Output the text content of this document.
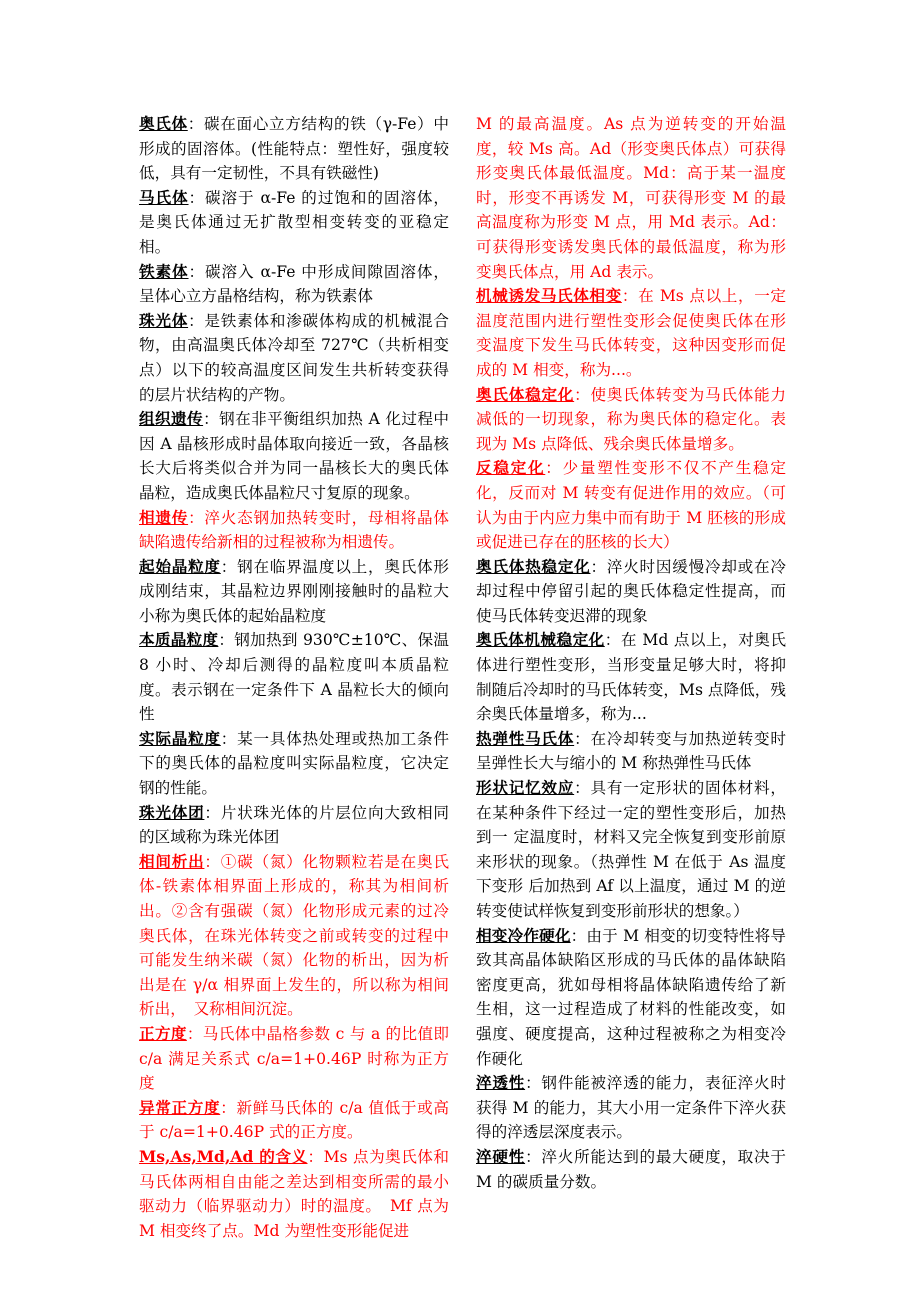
奥氏体：碳在面心立方结构的铁（γ-Fe）中形成的固溶体。(性能特点：塑性好，强度较低，具有一定韧性，不具有铁磁性)

马氏体：碳溶于 α-Fe 的过饱和的固溶体，是奥氏体通过无扩散型相变转变的亚稳定相。

铁素体：碳溶入 α-Fe 中形成间隙固溶体，呈体心立方晶格结构，称为铁素体

珠光体：是铁素体和渗碳体构成的机械混合物，由高温奥氏体冷却至 727℃（共析相变点）以下的较高温度区间发生共析转变获得的层片状结构的产物。

组织遗传：钢在非平衡组织加热 A 化过程中因 A 晶核形成时晶体取向接近一致，各晶核长大后将类似合并为同一晶核长大的奥氏体晶粒，造成奥氏体晶粒尺寸复原的现象。

相遗传：淬火态钢加热转变时，母相将晶体缺陷遗传给新相的过程被称为相遗传。

起始晶粒度：钢在临界温度以上，奥氏体形成刚结束，其晶粒边界刚刚接触时的晶粒大小称为奥氏体的起始晶粒度

本质晶粒度：钢加热到 930℃±10℃、保温 8 小时、冷却后测得的晶粒度叫本质晶粒度。表示钢在一定条件下 A 晶粒长大的倾向性

实际晶粒度：某一具体热处理或热加工条件下的奥氏体的晶粒度叫实际晶粒度，它决定钢的性能。

珠光体团：片状珠光体的片层位向大致相同的区域称为珠光体团

相间析出：①碳（氮）化物颗粒若是在奥氏体-铁素体相界面上形成的，称其为相间析出。②含有强碳（氮）化物形成元素的过冷奥氏体，在珠光体转变之前或转变的过程中可能发生纳米碳（氮）化物的析出，因为析出是在 γ/α 相界面上发生的，所以称为相间析出，　又称相间沉淀。

正方度：马氏体中晶格参数 c 与 a 的比值即 c/a 满足关系式 c/a=1+0.46P 时称为正方度

异常正方度：新鲜马氏体的 c/a 值低于或高于 c/a=1+0.46P 式的正方度。

Ms,As,Md,Ad 的含义：Ms 点为奥氏体和马氏体两相自由能之差达到相变所需的最小驱动力（临界驱动力）时的温度。　Mf 点为 M 相变终了点。Md 为塑性变形能促进

M 的最高温度。As 点为逆转变的开始温度，较 Ms 高。Ad（形变奥氏体点）可获得形变奥氏体最低温度。Md：高于某一温度时，形变不再诱发 M，可获得形变 M 的最高温度称为形变 M 点，用 Md 表示。Ad：可获得形变诱发奥氏体的最低温度，称为形变奥氏体点，用 Ad 表示。

机械诱发马氏体相变：在 Ms 点以上，一定温度范围内进行塑性变形会促使奥氏体在形变温度下发生马氏体转变，这种因变形而促成的 M 相变，称为...。

奥氏体稳定化：使奥氏体转变为马氏体能力减低的一切现象，称为奥氏体的稳定化。表现为 Ms 点降低、残余奥氏体量增多。

反稳定化：少量塑性变形不仅不产生稳定化，反而对 M 转变有促进作用的效应。（可认为由于内应力集中而有助于 M 胚核的形成或促进已存在的胚核的长大）

奥氏体热稳定化：淬火时因缓慢冷却或在冷却过程中停留引起的奥氏体稳定性提高，而使马氏体转变迟滞的现象

奥氏体机械稳定化：在 Md 点以上，对奥氏体进行塑性变形，当形变量足够大时，将抑制随后冷却时的马氏体转变，Ms 点降低，残余奥氏体量增多，称为...

热弹性马氏体：在冷却转变与加热逆转变时呈弹性长大与缩小的 M 称热弹性马氏体

形状记忆效应：具有一定形状的固体材料，在某种条件下经过一定的塑性变形后，加热到一 定温度时，材料又完全恢复到变形前原来形状的现象。（热弹性 M 在低于 As 温度下变形 后加热到 Af 以上温度，通过 M 的逆转变使试样恢复到变形前形状的想象。）

相变冷作硬化：由于 M 相变的切变特性将导致其高晶体缺陷区形成的马氏体的晶体缺陷密度更高，犹如母相将晶体缺陷遗传给了新生相，这一过程造成了材料的性能改变，如强度、硬度提高，这种过程被称之为相变冷作硬化

淬透性：钢件能被淬透的能力，表征淬火时获得 M 的能力，其大小用一定条件下淬火获得的淬透层深度表示。

淬硬性：淬火所能达到的最大硬度，取决于 M 的碳质量分数。
